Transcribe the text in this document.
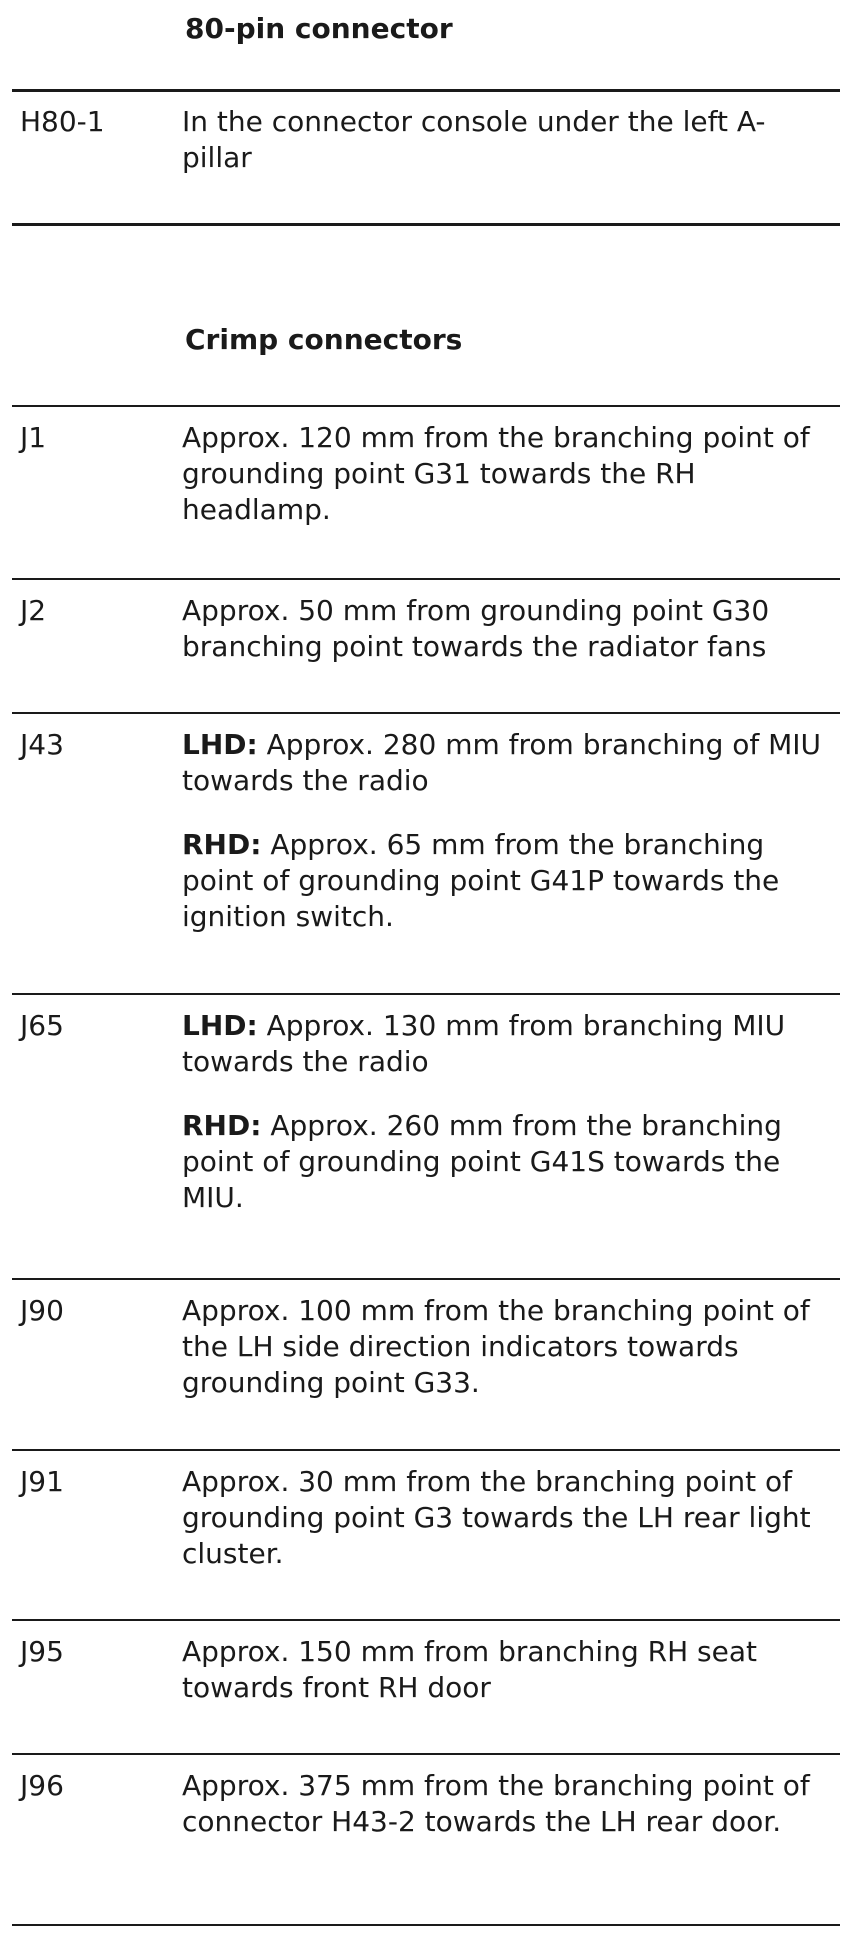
80-pin connector
H80-1	In the connector console under the left A-pillar

Crimp connectors
J1	Approx. 120 mm from the branching point of grounding point G31 towards the RH headlamp.

J2	Approx. 50 mm from grounding point G30 branching point towards the radiator fans

J43	LHD: Approx. 280 mm from branching of MIU towards the radio

RHD: Approx. 65 mm from the branching point of grounding point G41P towards the ignition switch.

J65	LHD: Approx. 130 mm from branching MIU towards the radio

RHD: Approx. 260 mm from the branching point of grounding point G41S towards the MIU.

J90	Approx. 100 mm from the branching point of the LH side direction indicators towards grounding point G33.

J91	Approx. 30 mm from the branching point of grounding point G3 towards the LH rear light cluster.

J95	Approx. 150 mm from branching RH seat towards front RH door

J96	Approx. 375 mm from the branching point of connector H43-2 towards the LH rear door.
